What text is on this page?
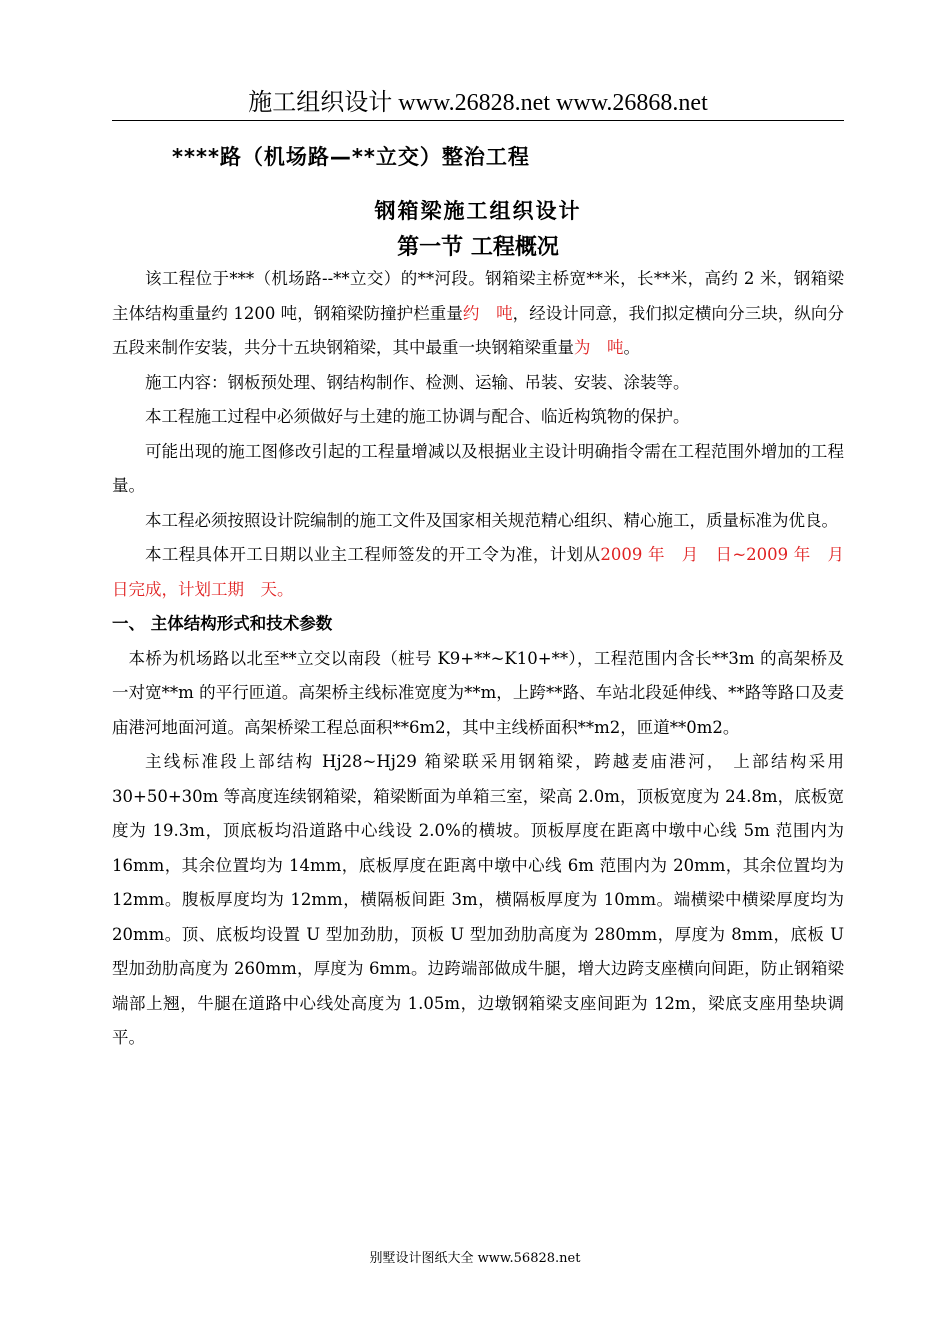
施工组织设计 www.26828.net www.26868.net
****路（机场路—**立交）整治工程
钢箱梁施工组织设计
第一节 工程概况

该工程位于***（机场路--**立交）的**河段。钢箱梁主桥宽**米，长**米，高约 2 米，钢箱梁主体结构重量约 1200 吨，钢箱梁防撞护栏重量约　吨，经设计同意，我们拟定横向分三块，纵向分五段来制作安装，共分十五块钢箱梁，其中最重一块钢箱梁重量为　吨。

施工内容：钢板预处理、钢结构制作、检测、运输、吊装、安装、涂装等。

本工程施工过程中必须做好与土建的施工协调与配合、临近构筑物的保护。

可能出现的施工图修改引起的工程量增减以及根据业主设计明确指令需在工程范围外增加的工程量。

本工程必须按照设计院编制的施工文件及国家相关规范精心组织、精心施工，质量标准为优良。

本工程具体开工日期以业主工程师签发的开工令为准，计划从2009 年　月　日~2009 年　月　日完成，计划工期　天。

一、 主体结构形式和技术参数

本桥为机场路以北至**立交以南段（桩号 K9+**~K10+**），工程范围内含长**3m 的高架桥及一对宽**m 的平行匝道。高架桥主线标准宽度为**m，上跨**路、车站北段延伸线、**路等路口及麦庙港河地面河道。高架桥梁工程总面积**6m2，其中主线桥面积**m2，匝道**0m2。

主线标准段上部结构 Hj28~Hj29 箱梁联采用钢箱梁，跨越麦庙港河， 上部结构采用 30+50+30m 等高度连续钢箱梁，箱梁断面为单箱三室，梁高 2.0m，顶板宽度为 24.8m，底板宽度为 19.3m，顶底板均沿道路中心线设 2.0%的横坡。顶板厚度在距离中墩中心线 5m 范围内为 16mm，其余位置均为 14mm，底板厚度在距离中墩中心线 6m 范围内为 20mm，其余位置均为 12mm。腹板厚度均为 12mm，横隔板间距 3m，横隔板厚度为 10mm。端横梁中横梁厚度均为 20mm。顶、底板均设置 U 型加劲肋，顶板 U 型加劲肋高度为 280mm，厚度为 8mm，底板 U 型加劲肋高度为 260mm，厚度为 6mm。边跨端部做成牛腿，增大边跨支座横向间距，防止钢箱梁端部上翘，牛腿在道路中心线处高度为 1.05m，边墩钢箱梁支座间距为 12m，梁底支座用垫块调平。

别墅设计图纸大全 www.56828.net
